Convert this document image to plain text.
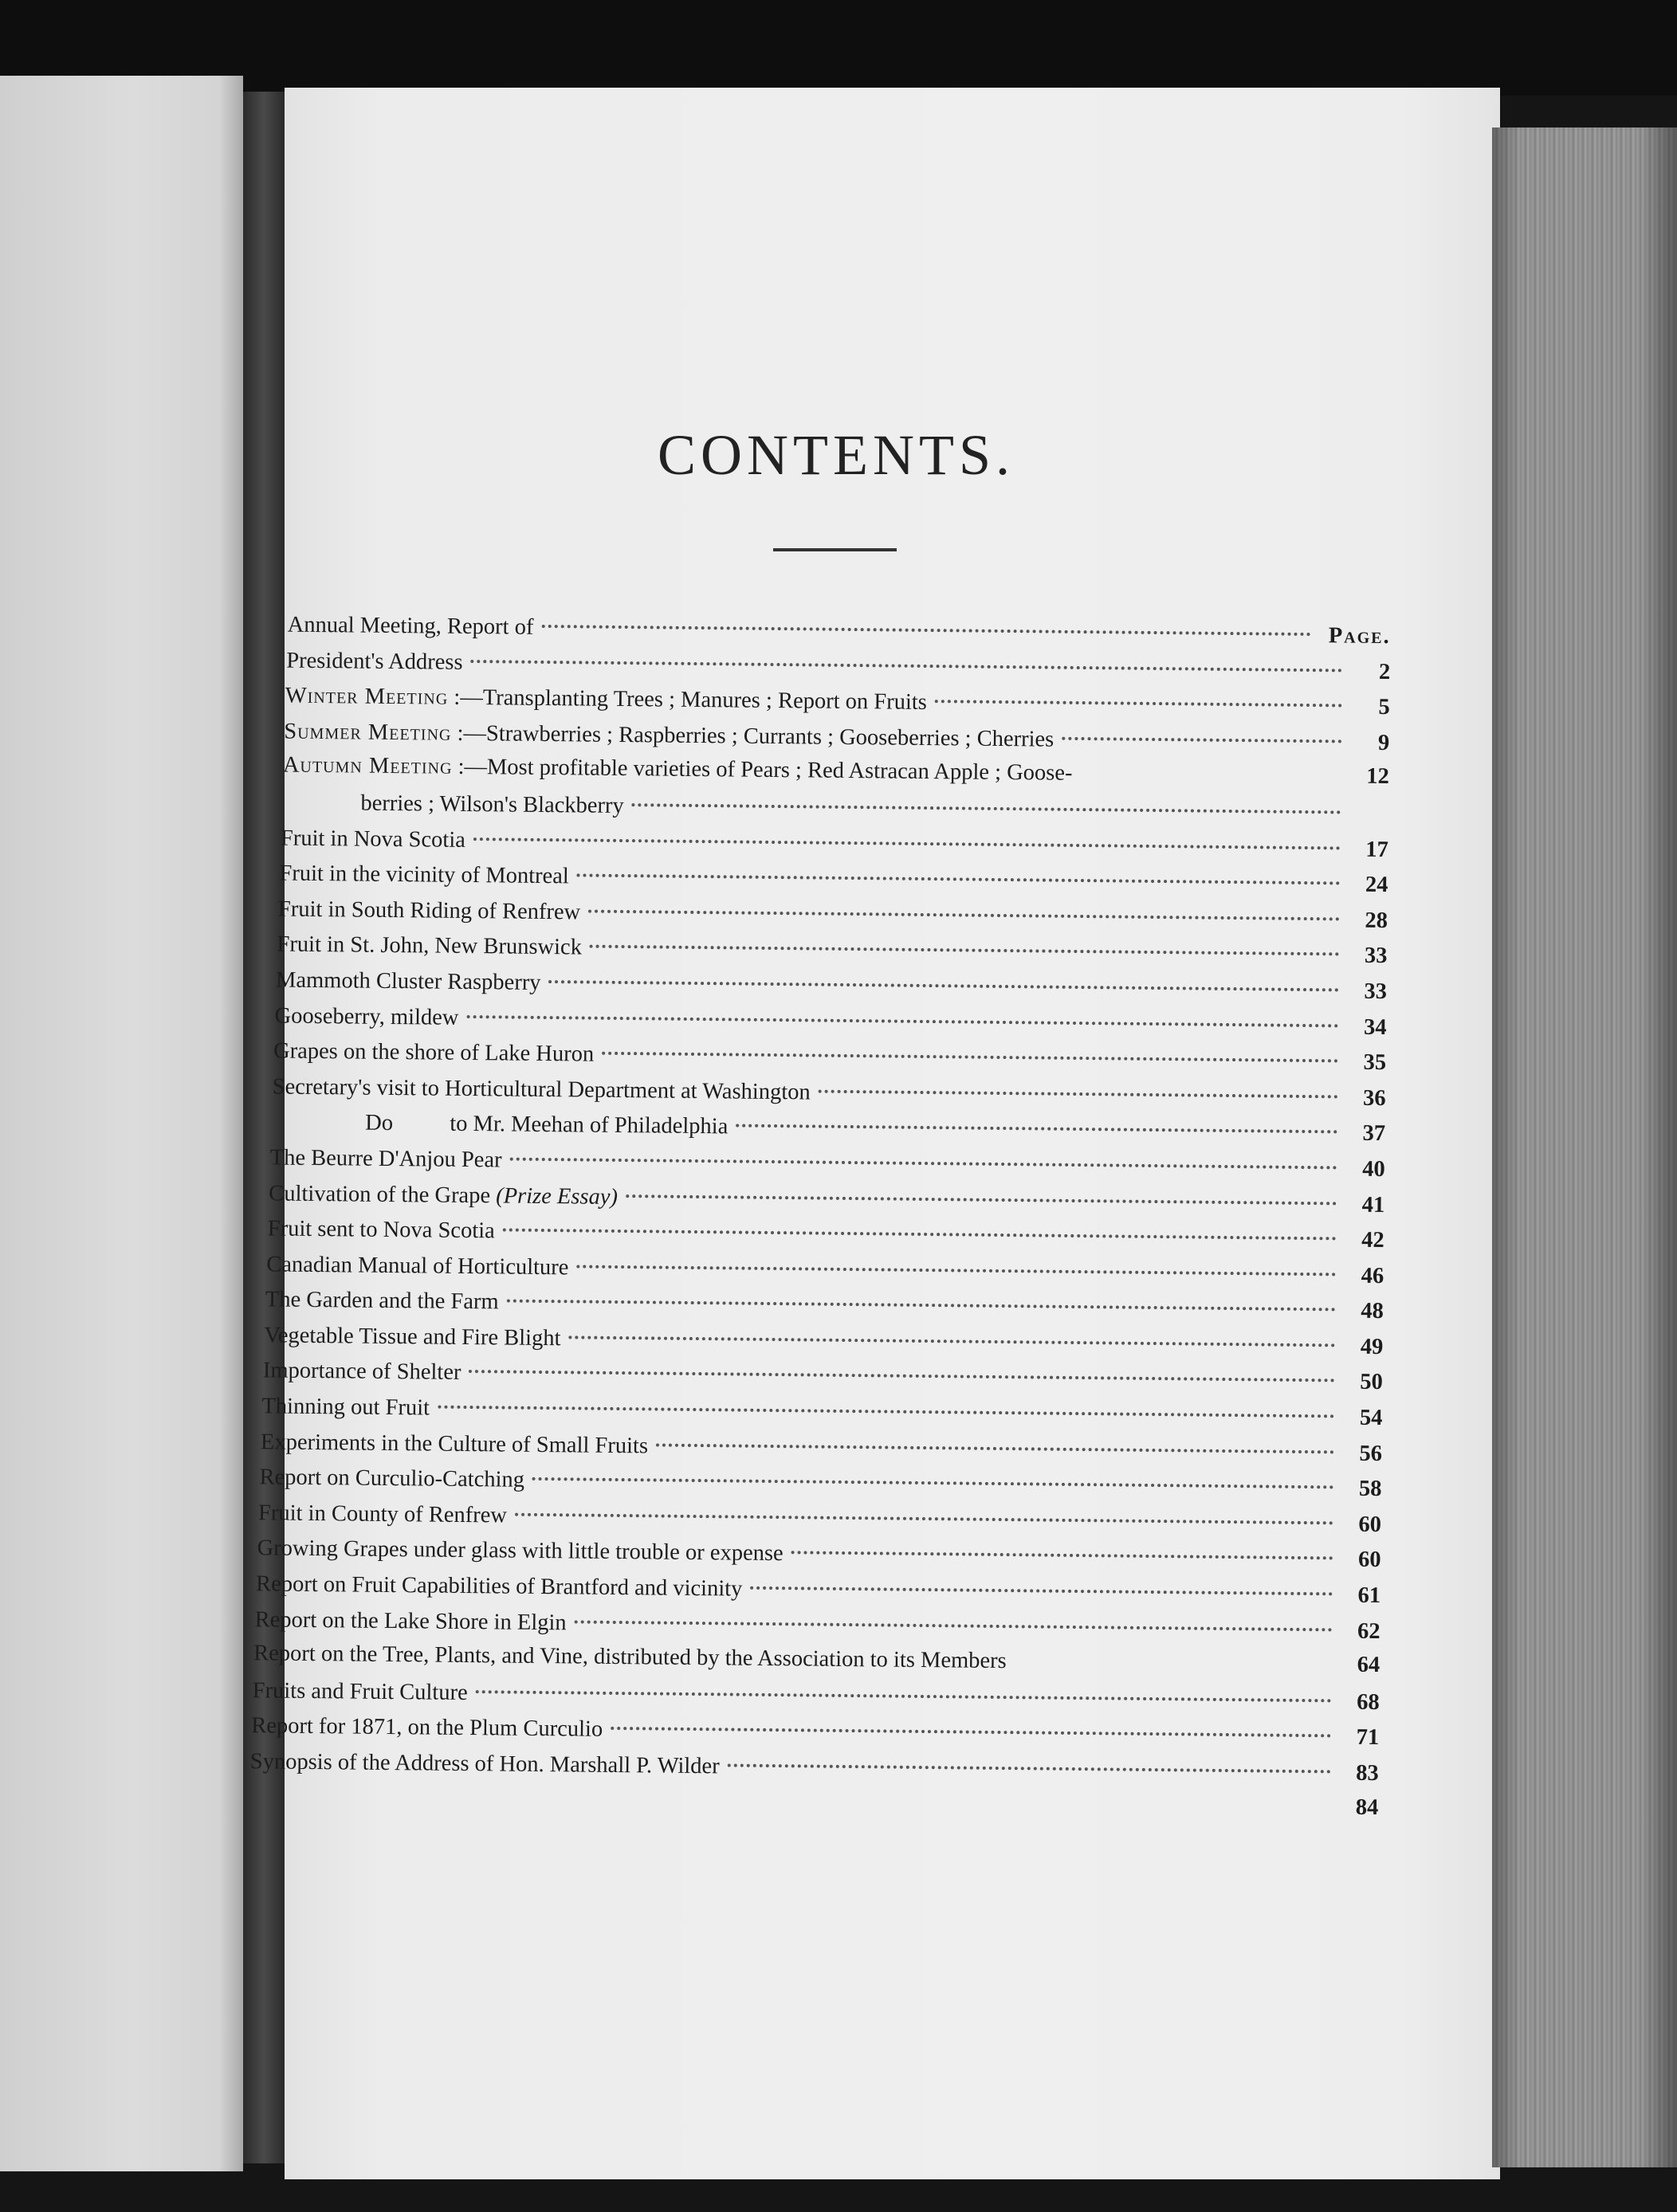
CONTENTS.
Annual Meeting, Report of	Page.
President's Address	2
Winter Meeting :—Transplanting Trees ; Manures ; Report on Fruits	5
Summer Meeting :—Strawberries ; Raspberries ; Currants ; Gooseberries ; Cherries	9
Autumn Meeting :—Most profitable varieties of Pears ; Red Astracan Apple ; Goose-	12
berries ; Wilson's Blackberry
Fruit in Nova Scotia	17
Fruit in the vicinity of Montreal	24
Fruit in South Riding of Renfrew	28
Fruit in St. John, New Brunswick	33
Mammoth Cluster Raspberry	33
Gooseberry, mildew	34
Grapes on the shore of Lake Huron	35
Secretary's visit to Horticultural Department at Washington	36
Do          to Mr. Meehan of Philadelphia	37
The Beurre D'Anjou Pear	40
Cultivation of the Grape (Prize Essay)	41
Fruit sent to Nova Scotia	42
Canadian Manual of Horticulture	46
The Garden and the Farm	48
Vegetable Tissue and Fire Blight	49
Importance of Shelter	50
Thinning out Fruit	54
Experiments in the Culture of Small Fruits	56
Report on Curculio-Catching	58
Fruit in County of Renfrew	60
Growing Grapes under glass with little trouble or expense	60
Report on Fruit Capabilities of Brantford and vicinity	61
Report on the Lake Shore in Elgin	62
Report on the Tree, Plants, and Vine, distributed by the Association to its Members	64
Fruits and Fruit Culture	68
Report for 1871, on the Plum Curculio	71
Synopsis of the Address of Hon. Marshall P. Wilder	83
84
